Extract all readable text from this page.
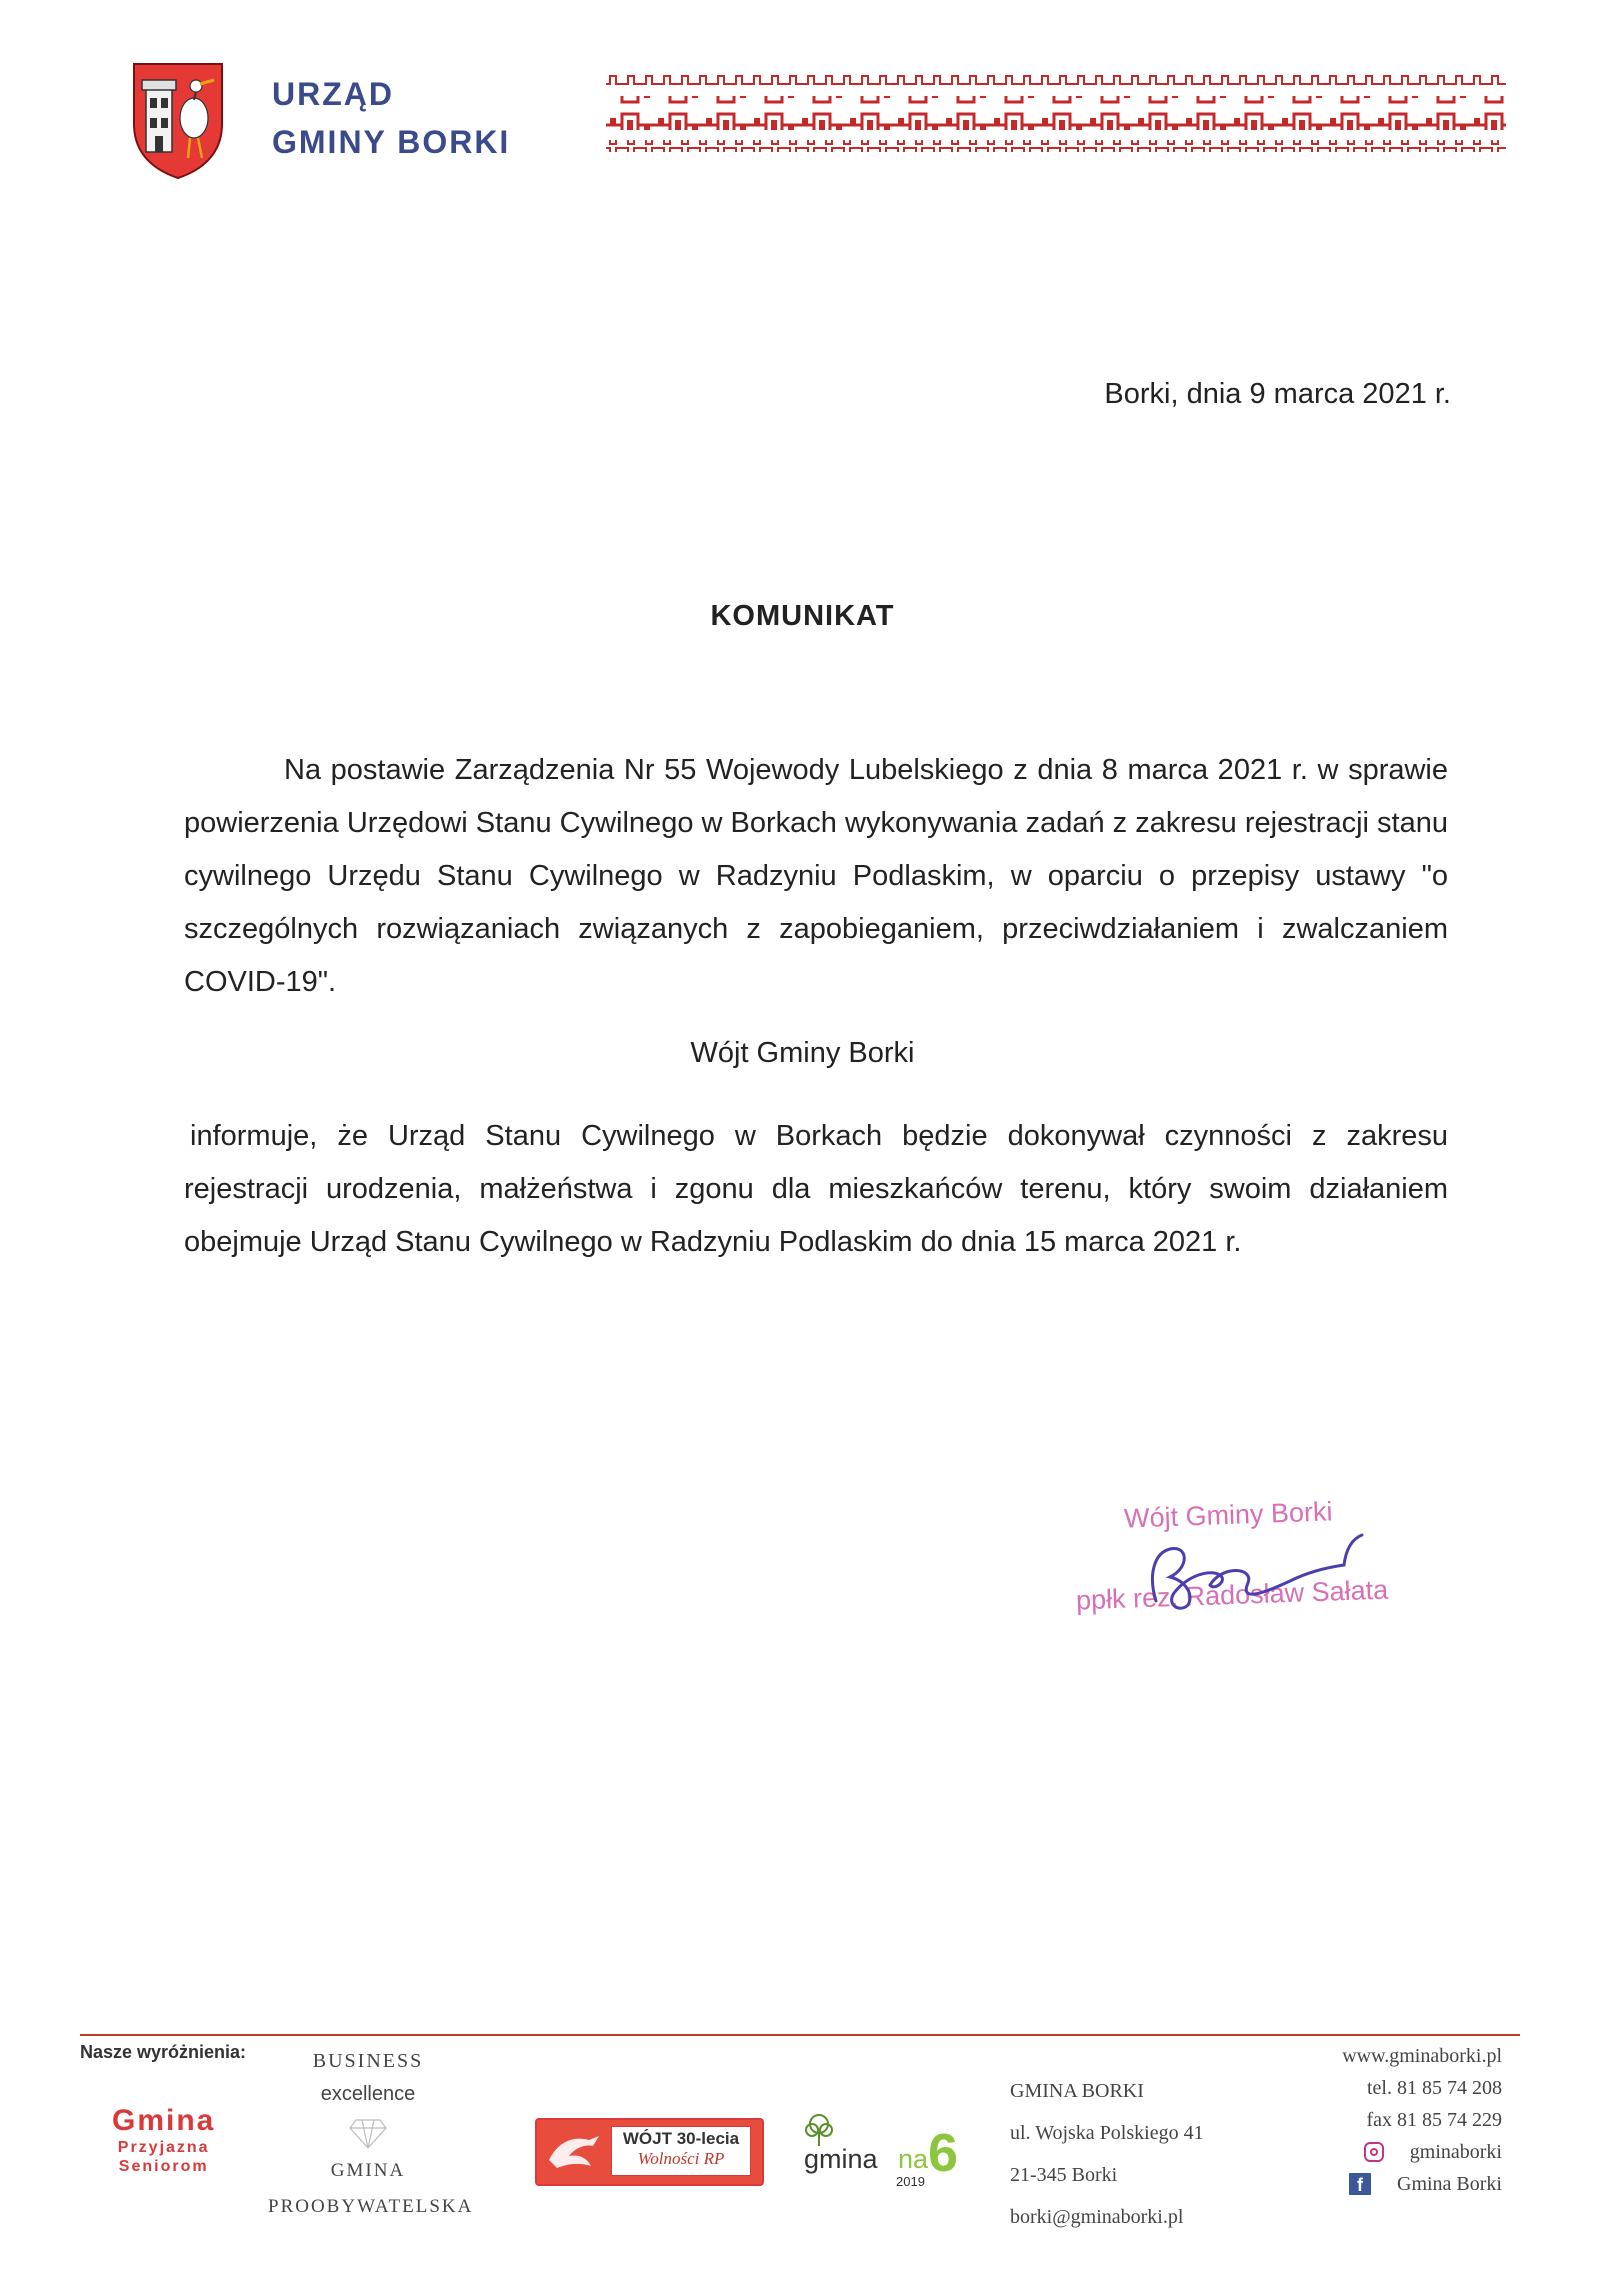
URZĄD
GMINY BORKI
Borki, dnia 9 marca 2021 r.
KOMUNIKAT
Na postawie Zarządzenia Nr 55 Wojewody Lubelskiego z dnia 8 marca 2021 r. w sprawie powierzenia Urzędowi Stanu Cywilnego w Borkach wykonywania zadań z zakresu rejestracji stanu cywilnego Urzędu Stanu Cywilnego w Radzyniu Podlaskim, w oparciu o przepisy ustawy "o szczególnych rozwiązaniach związanych z zapobieganiem, przeciwdziałaniem i zwalczaniem COVID-19".
Wójt Gminy Borki
informuje, że Urząd Stanu Cywilnego w Borkach będzie dokonywał czynności z zakresu rejestracji urodzenia, małżeństwa i zgonu dla mieszkańców terenu, który swoim działaniem obejmuje Urząd Stanu Cywilnego w Radzyniu Podlaskim do dnia 15 marca 2021 r.
Wójt Gminy Borki
ppłk rez. Radosław Sałata
Nasze wyróżnienia:
Gmina
Przyjazna
Seniorom
BUSINESS
excellence
GMINA
PROOBYWATELSKA
WÓJT 30-lecia
Wolności RP	gmina na 6
2019
GMINA BORKI
ul. Wojska Polskiego 41
21-345 Borki
borki@gminaborki.pl
www.gminaborki.pl
tel. 81 85 74 208
fax 81 85 74 229
gminaborki
f	Gmina Borki
